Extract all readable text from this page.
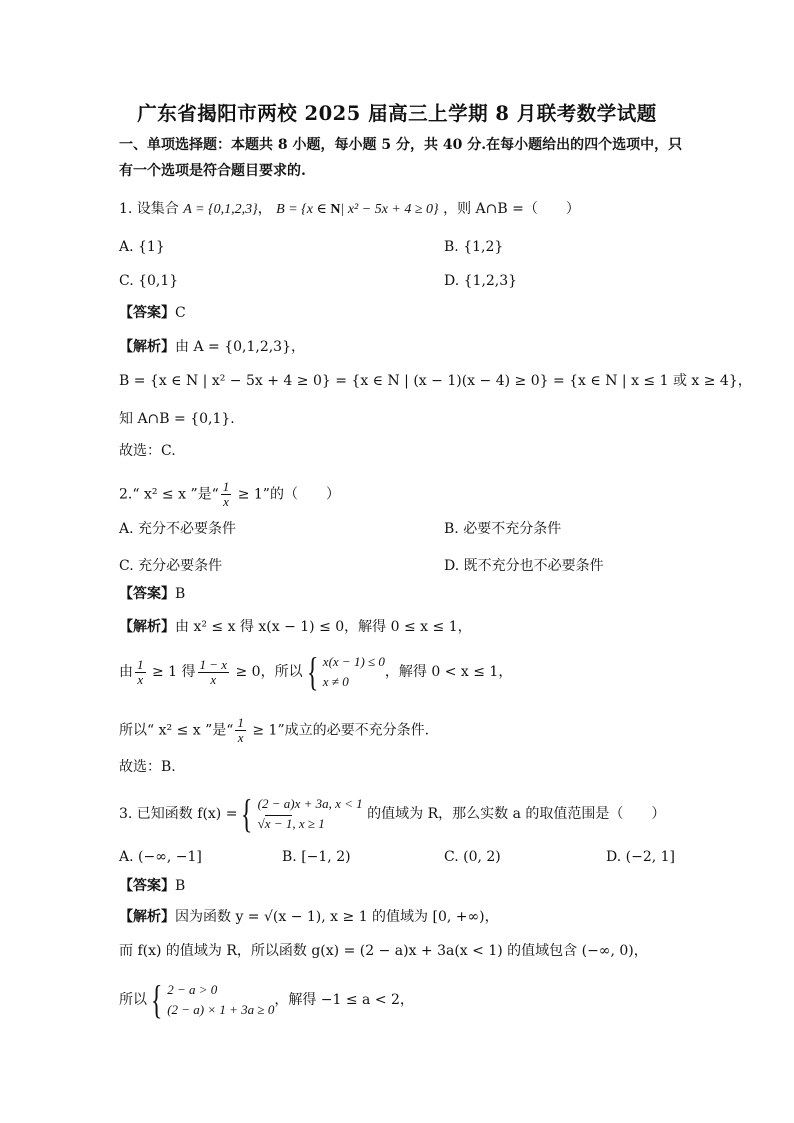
广东省揭阳市两校 2025 届高三上学期 8 月联考数学试题
一、单项选择题：本题共 8 小题，每小题 5 分，共 40 分.在每小题给出的四个选项中，只
有一个选项是符合题目要求的.
1. 设集合 A = {0,1,2,3}， B = {x ∈ N| x² − 5x + 4 ≥ 0} ，则 A∩B =（　　）
A. {1}	B. {1,2}
C. {0,1}	D. {1,2,3}
【答案】C
【解析】由 A = {0,1,2,3}，
B = {x ∈ N | x² − 5x + 4 ≥ 0} = {x ∈ N | (x − 1)(x − 4) ≥ 0} = {x ∈ N | x ≤ 1 或 x ≥ 4}，
知 A∩B = {0,1}.
故选：C.
2.“ x² ≤ x ”是“ $\frac{1}{x} \ge 1$”的（　　）
A. 充分不必要条件	B. 必要不充分条件
C. 充分必要条件	D. 既不充分也不必要条件
【答案】B
【解析】由 x² ≤ x 得 x(x − 1) ≤ 0，解得 0 ≤ x ≤ 1，
由 $\frac{1}{x} \ge 1$ 得 $\frac{1 - x}{x} \ge 0$，所以 { x(x − 1) ≤ 0
x ≠ 0
，解得 0 < x ≤ 1，
所以“ x² ≤ x ”是“ $\frac{1}{x} \ge 1$”成立的必要不充分条件.
故选：B.
3. 已知函数 f(x) = { (2 − a)x + 3a, x < 1
√x − 1, x ≥ 1
的值域为 R，那么实数 a 的取值范围是（　　）
A. (−∞, −1]	B. [−1, 2)	C. (0, 2)	D. (−2, 1]
【答案】B
【解析】因为函数 y = √(x − 1), x ≥ 1 的值域为 [0, +∞)，
而 f(x) 的值域为 R，所以函数 g(x) = (2 − a)x + 3a(x < 1) 的值域包含 (−∞, 0)，
所以 { 2 − a > 0
(2 − a) × 1 + 3a ≥ 0
，解得 −1 ≤ a < 2，
